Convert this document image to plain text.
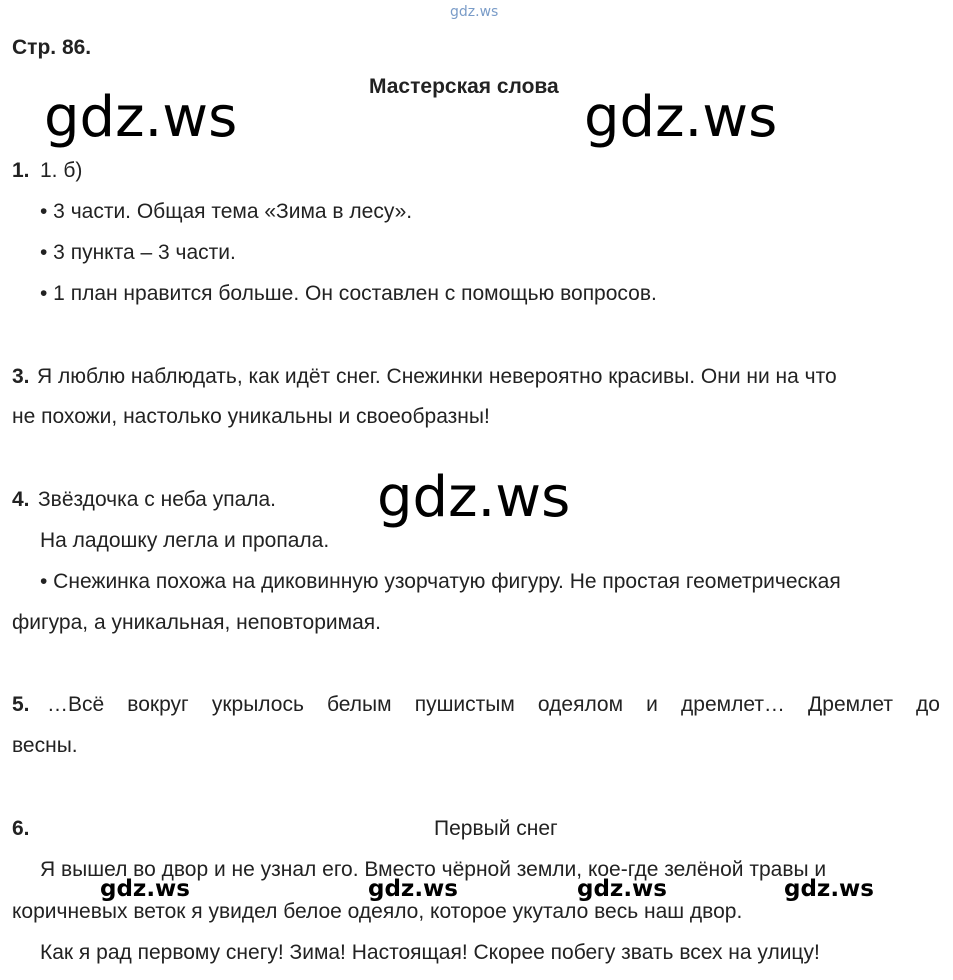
gdz.ws
Стр. 86.
Мастерская слова
gdz.ws	gdz.ws
1. 1. б)
• 3 части. Общая тема «Зима в лесу».
• 3 пункта – 3 части.
• 1 план нравится больше. Он составлен с помощью вопросов.
3. Я люблю наблюдать, как идёт снег. Снежинки невероятно красивы. Они ни на что
не похожи, настолько уникальны и своеобразны!
4. Звёздочка с неба упала. gdz.ws
На ладошку легла и пропала.
• Снежинка похожа на диковинную узорчатую фигуру. Не простая геометрическая
фигура, а уникальная, неповторимая.
5. …Всё вокруг укрылось белым пушистым одеялом и дремлет… Дремлет до
весны.
6.	Первый снег
Я вышел во двор и не узнал его. Вместо чёрной земли, кое-где зелёной травы и
gdz.ws	gdz.ws	gdz.ws	gdz.ws
коричневых веток я увидел белое одеяло, которое укутало весь наш двор.
Как я рад первому снегу! Зима! Настоящая! Скорее побегу звать всех на улицу!
